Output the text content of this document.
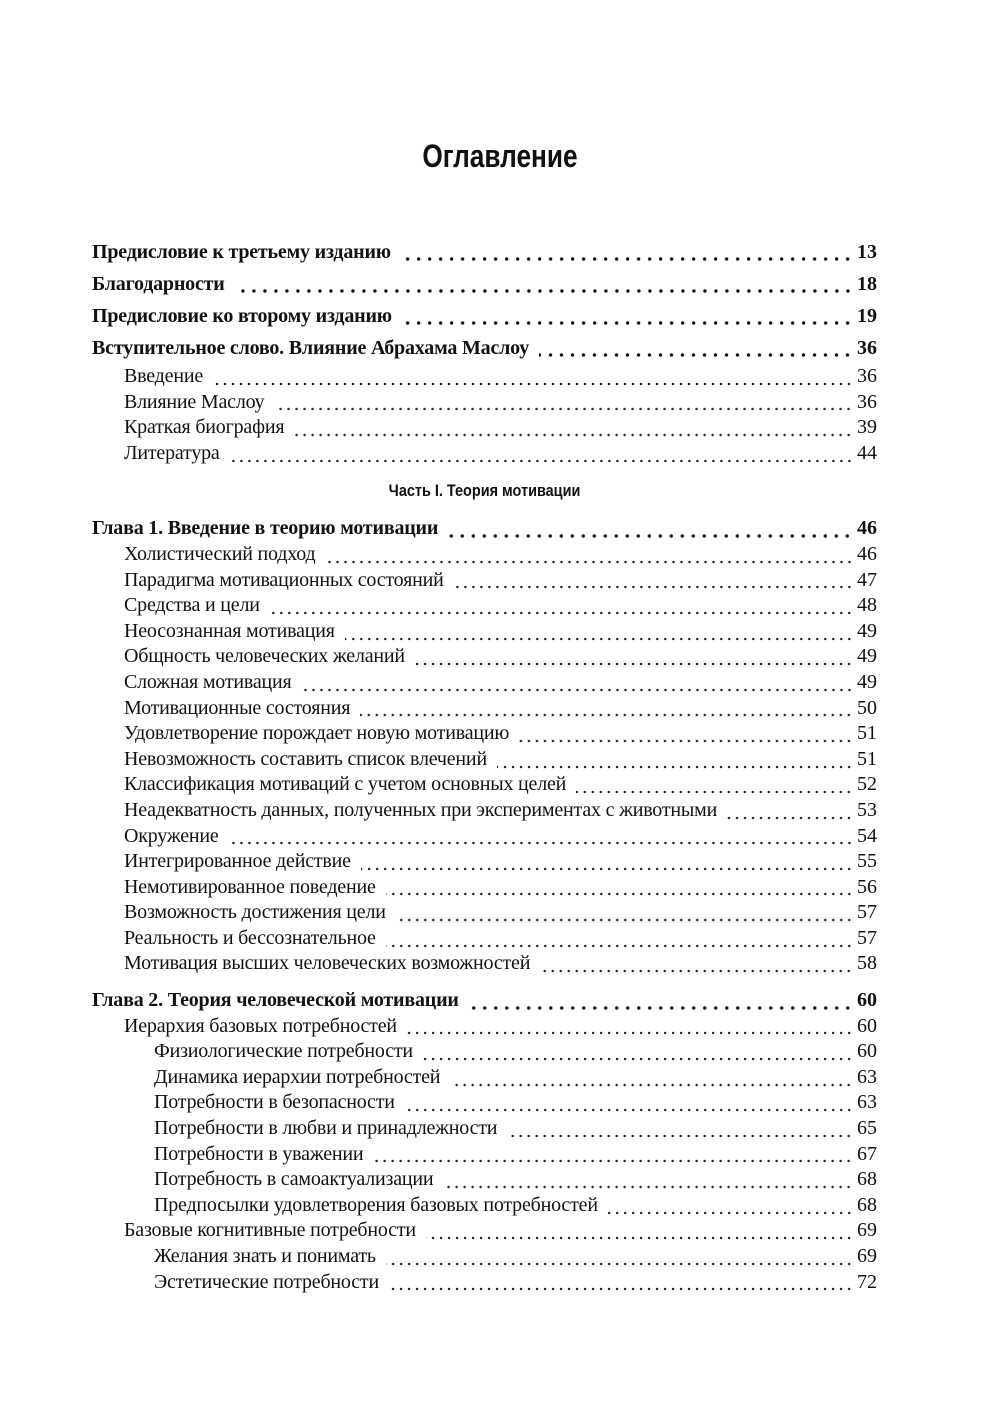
Оглавление
Предисловие к третьему изданию	13
Благодарности	18
Предисловие ко второму изданию	19
Вступительное слово. Влияние Абрахама Маслоу	36
Введение	36
Влияние Маслоу	36
Краткая биография	39
Литература	44
Часть I. Теория мотивации
Глава 1. Введение в теорию мотивации	46
Холистический подход	46
Парадигма мотивационных состояний	47
Средства и цели	48
Неосознанная мотивация	49
Общность человеческих желаний	49
Сложная мотивация	49
Мотивационные состояния	50
Удовлетворение порождает новую мотивацию	51
Невозможность составить список влечений	51
Классификация мотиваций с учетом основных целей	52
Неадекватность данных, полученных при экспериментах с животными	53
Окружение	54
Интегрированное действие	55
Немотивированное поведение	56
Возможность достижения цели	57
Реальность и бессознательное	57
Мотивация высших человеческих возможностей	58
Глава 2. Теория человеческой мотивации	60
Иерархия базовых потребностей	60
Физиологические потребности	60
Динамика иерархии потребностей	63
Потребности в безопасности	63
Потребности в любви и принадлежности	65
Потребности в уважении	67
Потребность в самоактуализации	68
Предпосылки удовлетворения базовых потребностей	68
Базовые когнитивные потребности	69
Желания знать и понимать	69
Эстетические потребности	72
